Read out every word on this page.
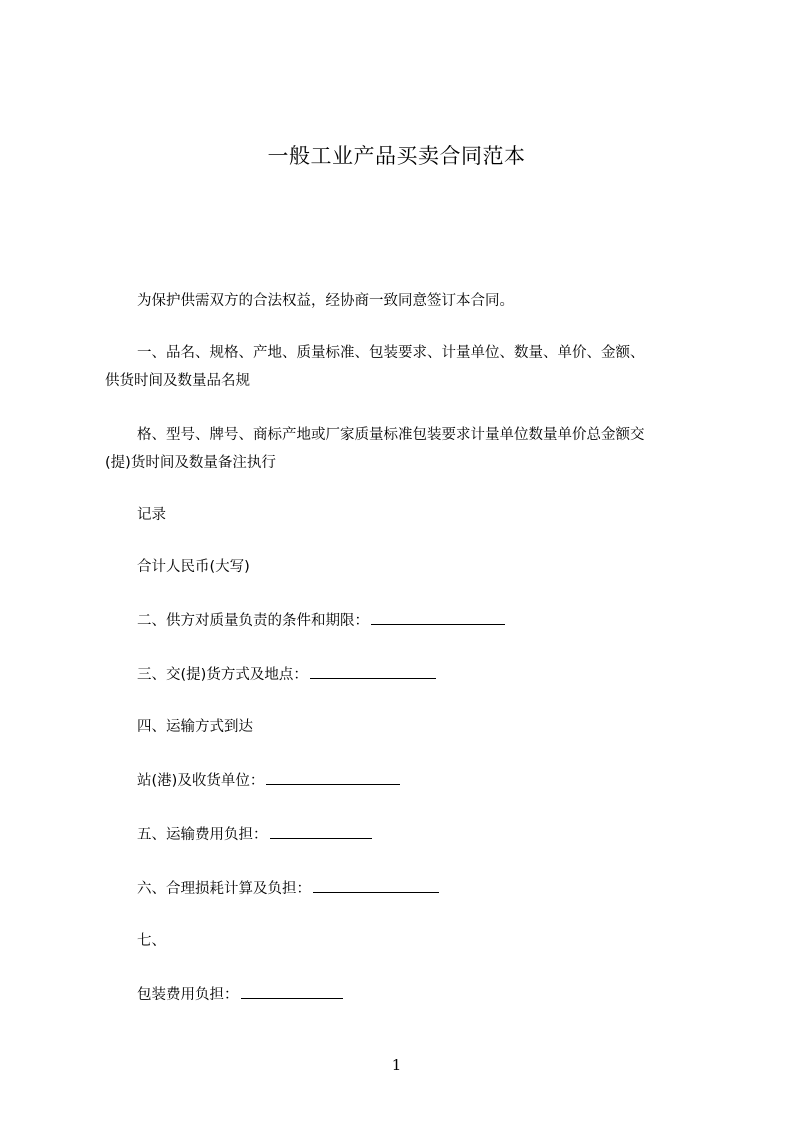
一般工业产品买卖合同范本
为保护供需双方的合法权益，经协商一致同意签订本合同。
一、品名、规格、产地、质量标准、包装要求、计量单位、数量、单价、金额、
供货时间及数量品名规
格、型号、牌号、商标产地或厂家质量标准包装要求计量单位数量单价总金额交
(提)货时间及数量备注执行
记录
合计人民币(大写)
二、供方对质量负责的条件和期限：
三、交(提)货方式及地点：
四、运输方式到达
站(港)及收货单位：
五、运输费用负担：
六、合理损耗计算及负担：
七、
包装费用负担：
1
